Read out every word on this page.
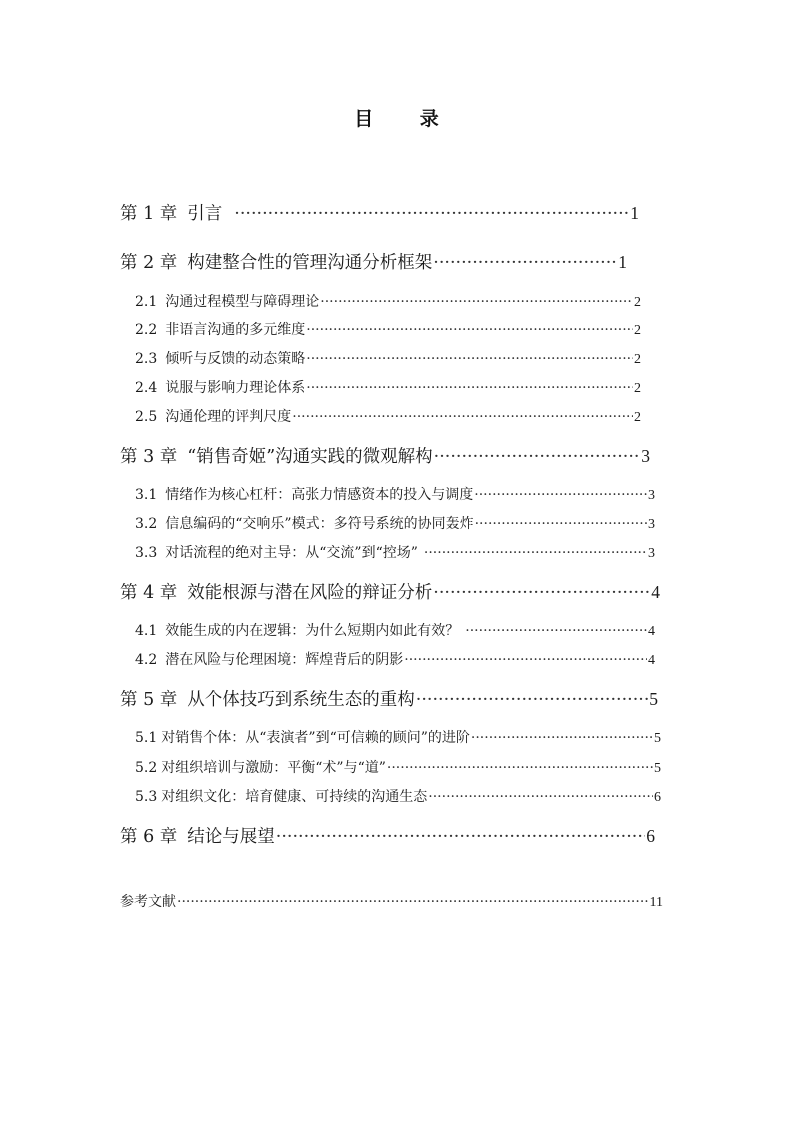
目 录
第 1 章 引言 ·····	1
第 2 章 构建整合性的管理沟通分析框架 ·····	1
2.1 沟通过程模型与障碍理论 ·····	2
2.2 非语言沟通的多元维度 ·····	2
2.3 倾听与反馈的动态策略 ·····	2
2.4 说服与影响力理论体系 ·····	2
2.5 沟通伦理的评判尺度 ·····	2
第 3 章 “销售奇姬”沟通实践的微观解构 ·····	3
3.1 情绪作为核心杠杆：高张力情感资本的投入与调度 ·····	3
3.2 信息编码的“交响乐”模式：多符号系统的协同轰炸 ·····	3
3.3 对话流程的绝对主导：从“交流”到“控场” ·····	3
第 4 章 效能根源与潜在风险的辩证分析 ·····	4
4.1 效能生成的内在逻辑：为什么短期内如此有效？ ·····	4
4.2 潜在风险与伦理困境：辉煌背后的阴影 ·····	4
第 5 章 从个体技巧到系统生态的重构 ·····	5
5.1 对销售个体：从“表演者”到“可信赖的顾问”的进阶 ·····	5
5.2 对组织培训与激励：平衡“术”与“道” ·····	5
5.3 对组织文化：培育健康、可持续的沟通生态 ·····	6
第 6 章 结论与展望 ·····	6
参考文献 ·····	11
